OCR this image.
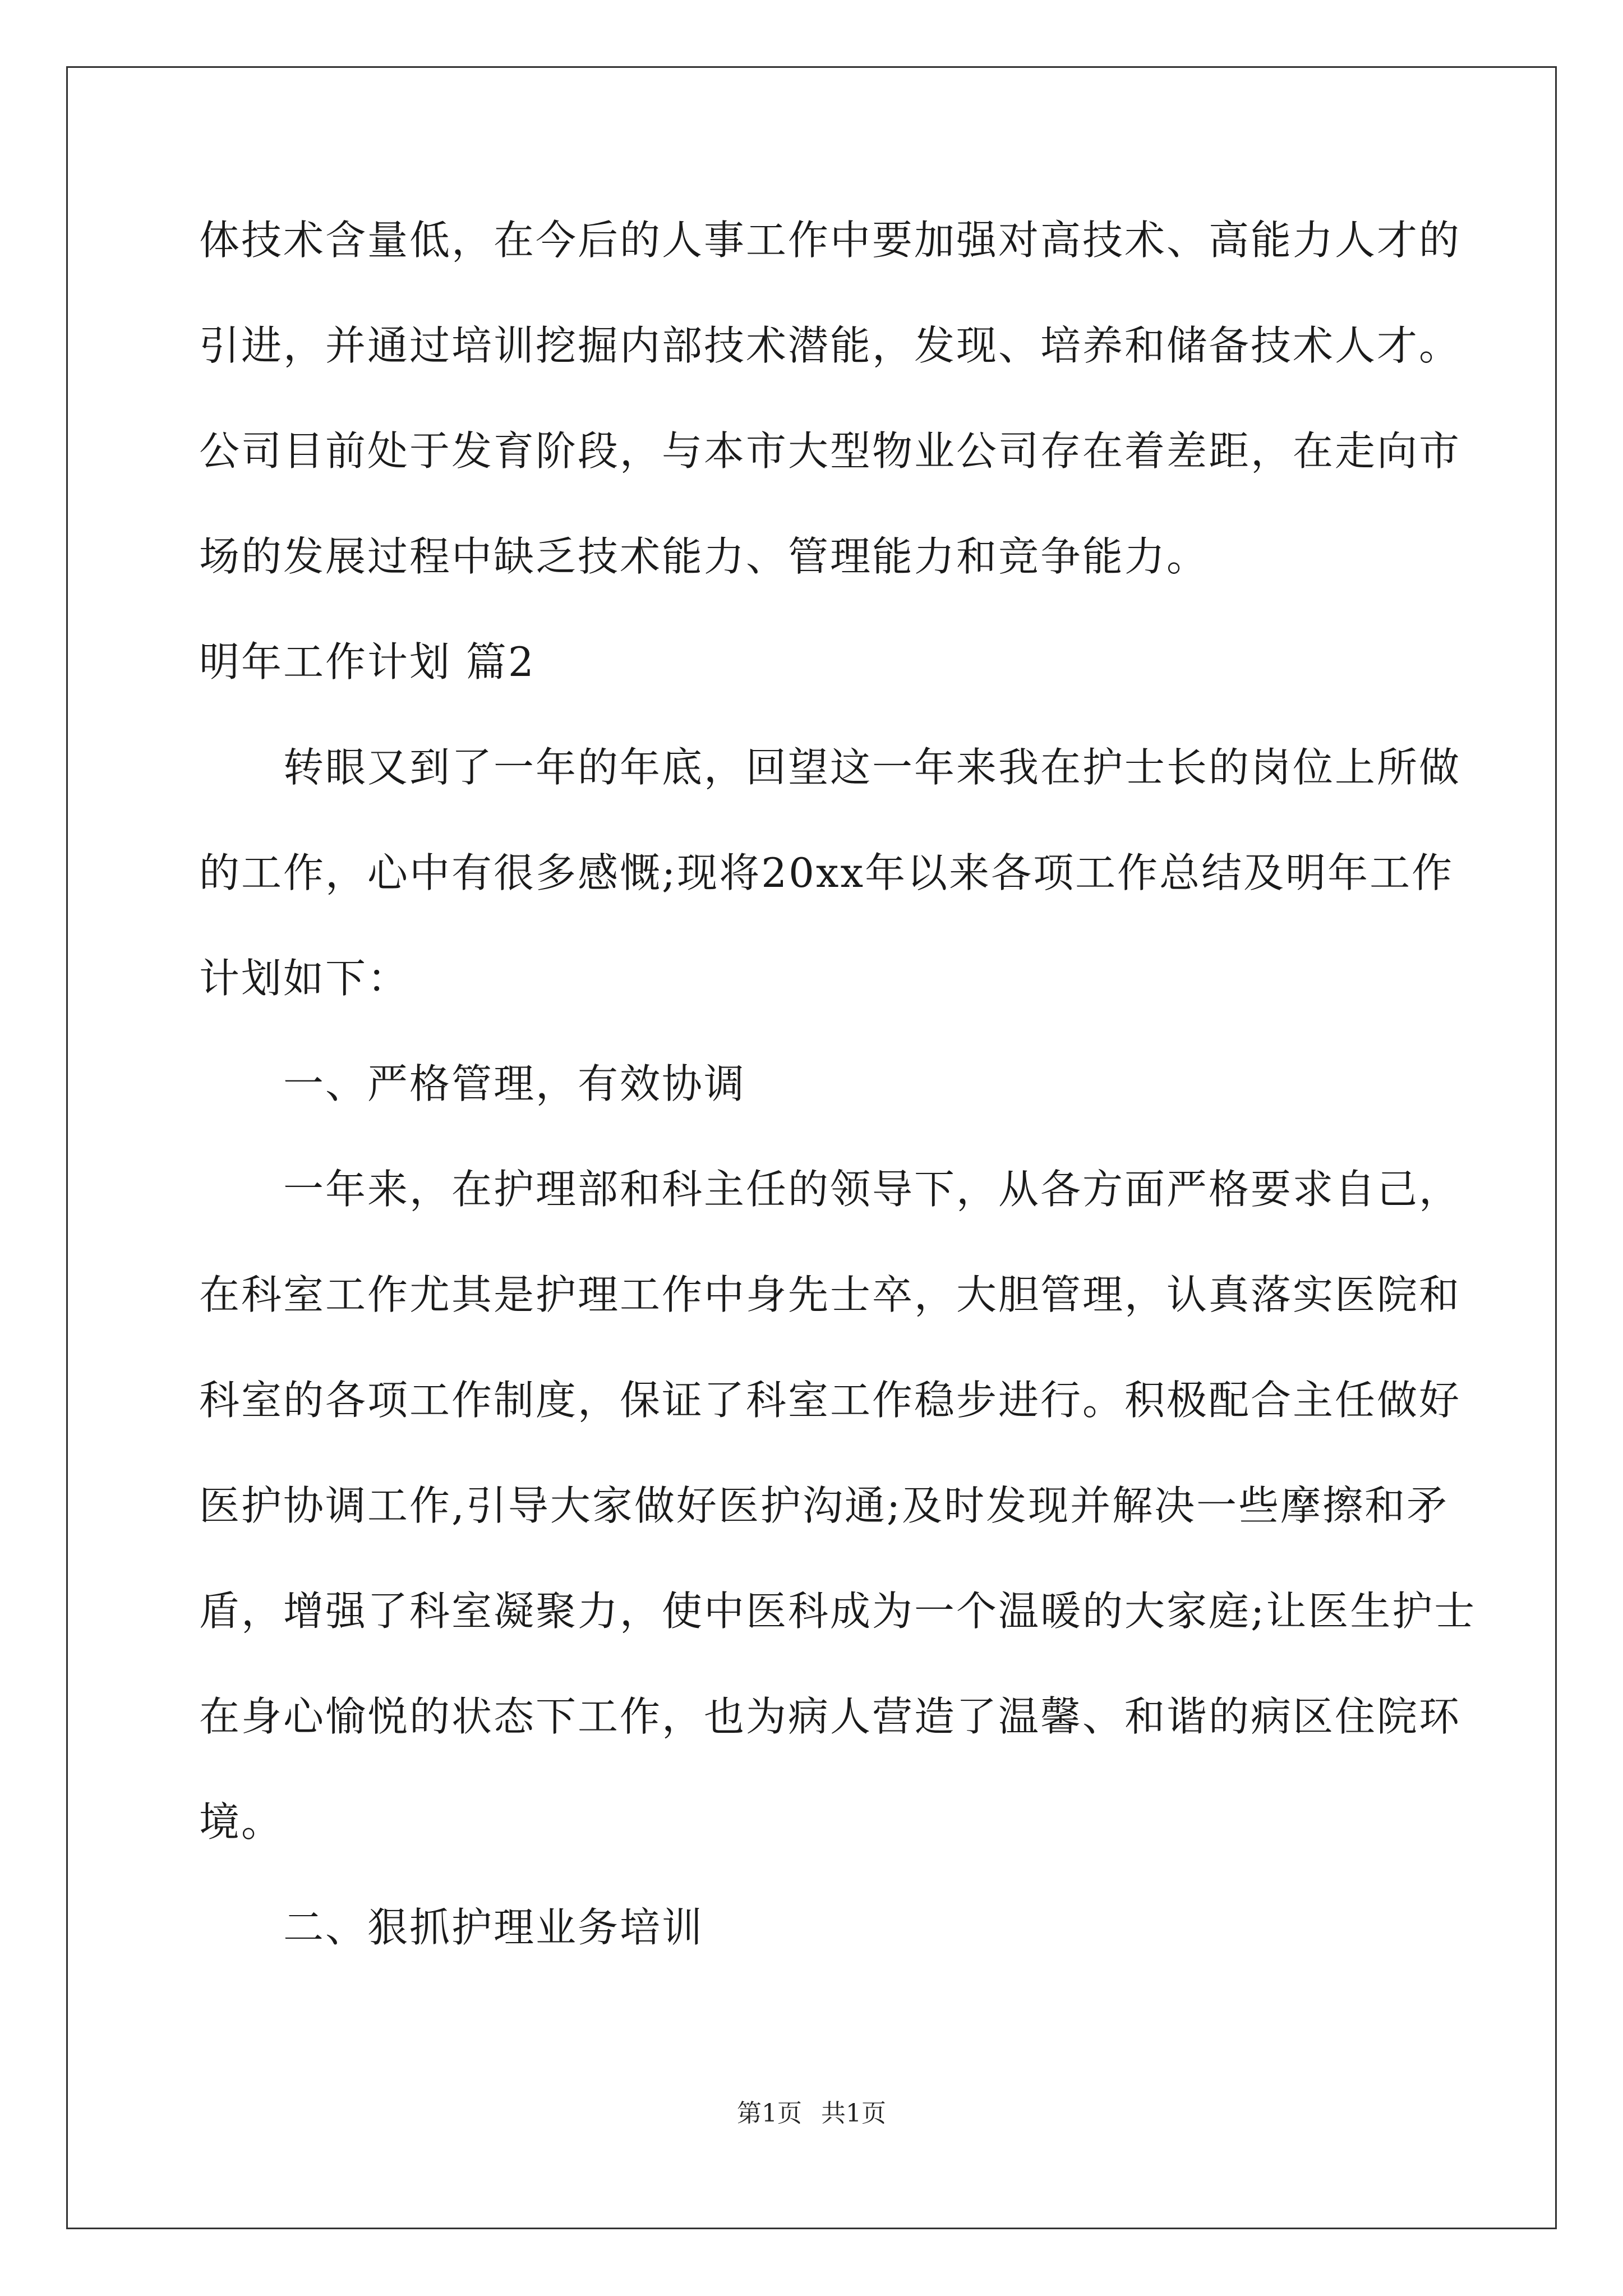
体技术含量低，在今后的人事工作中要加强对高技术、高能力人才的
引进，并通过培训挖掘内部技术潜能，发现、培养和储备技术人才。
公司目前处于发育阶段，与本市大型物业公司存在着差距，在走向市
场的发展过程中缺乏技术能力、管理能力和竞争能力。
明年工作计划 篇2
转眼又到了一年的年底，回望这一年来我在护士长的岗位上所做
的工作，心中有很多感慨;现将20xx年以来各项工作总结及明年工作
计划如下：
一、严格管理，有效协调
一年来，在护理部和科主任的领导下，从各方面严格要求自己，
在科室工作尤其是护理工作中身先士卒，大胆管理，认真落实医院和
科室的各项工作制度，保证了科室工作稳步进行。积极配合主任做好
医护协调工作,引导大家做好医护沟通;及时发现并解决一些摩擦和矛
盾，增强了科室凝聚力，使中医科成为一个温暖的大家庭;让医生护士
在身心愉悦的状态下工作，也为病人营造了温馨、和谐的病区住院环
境。
二、狠抓护理业务培训
第1页 共1页
